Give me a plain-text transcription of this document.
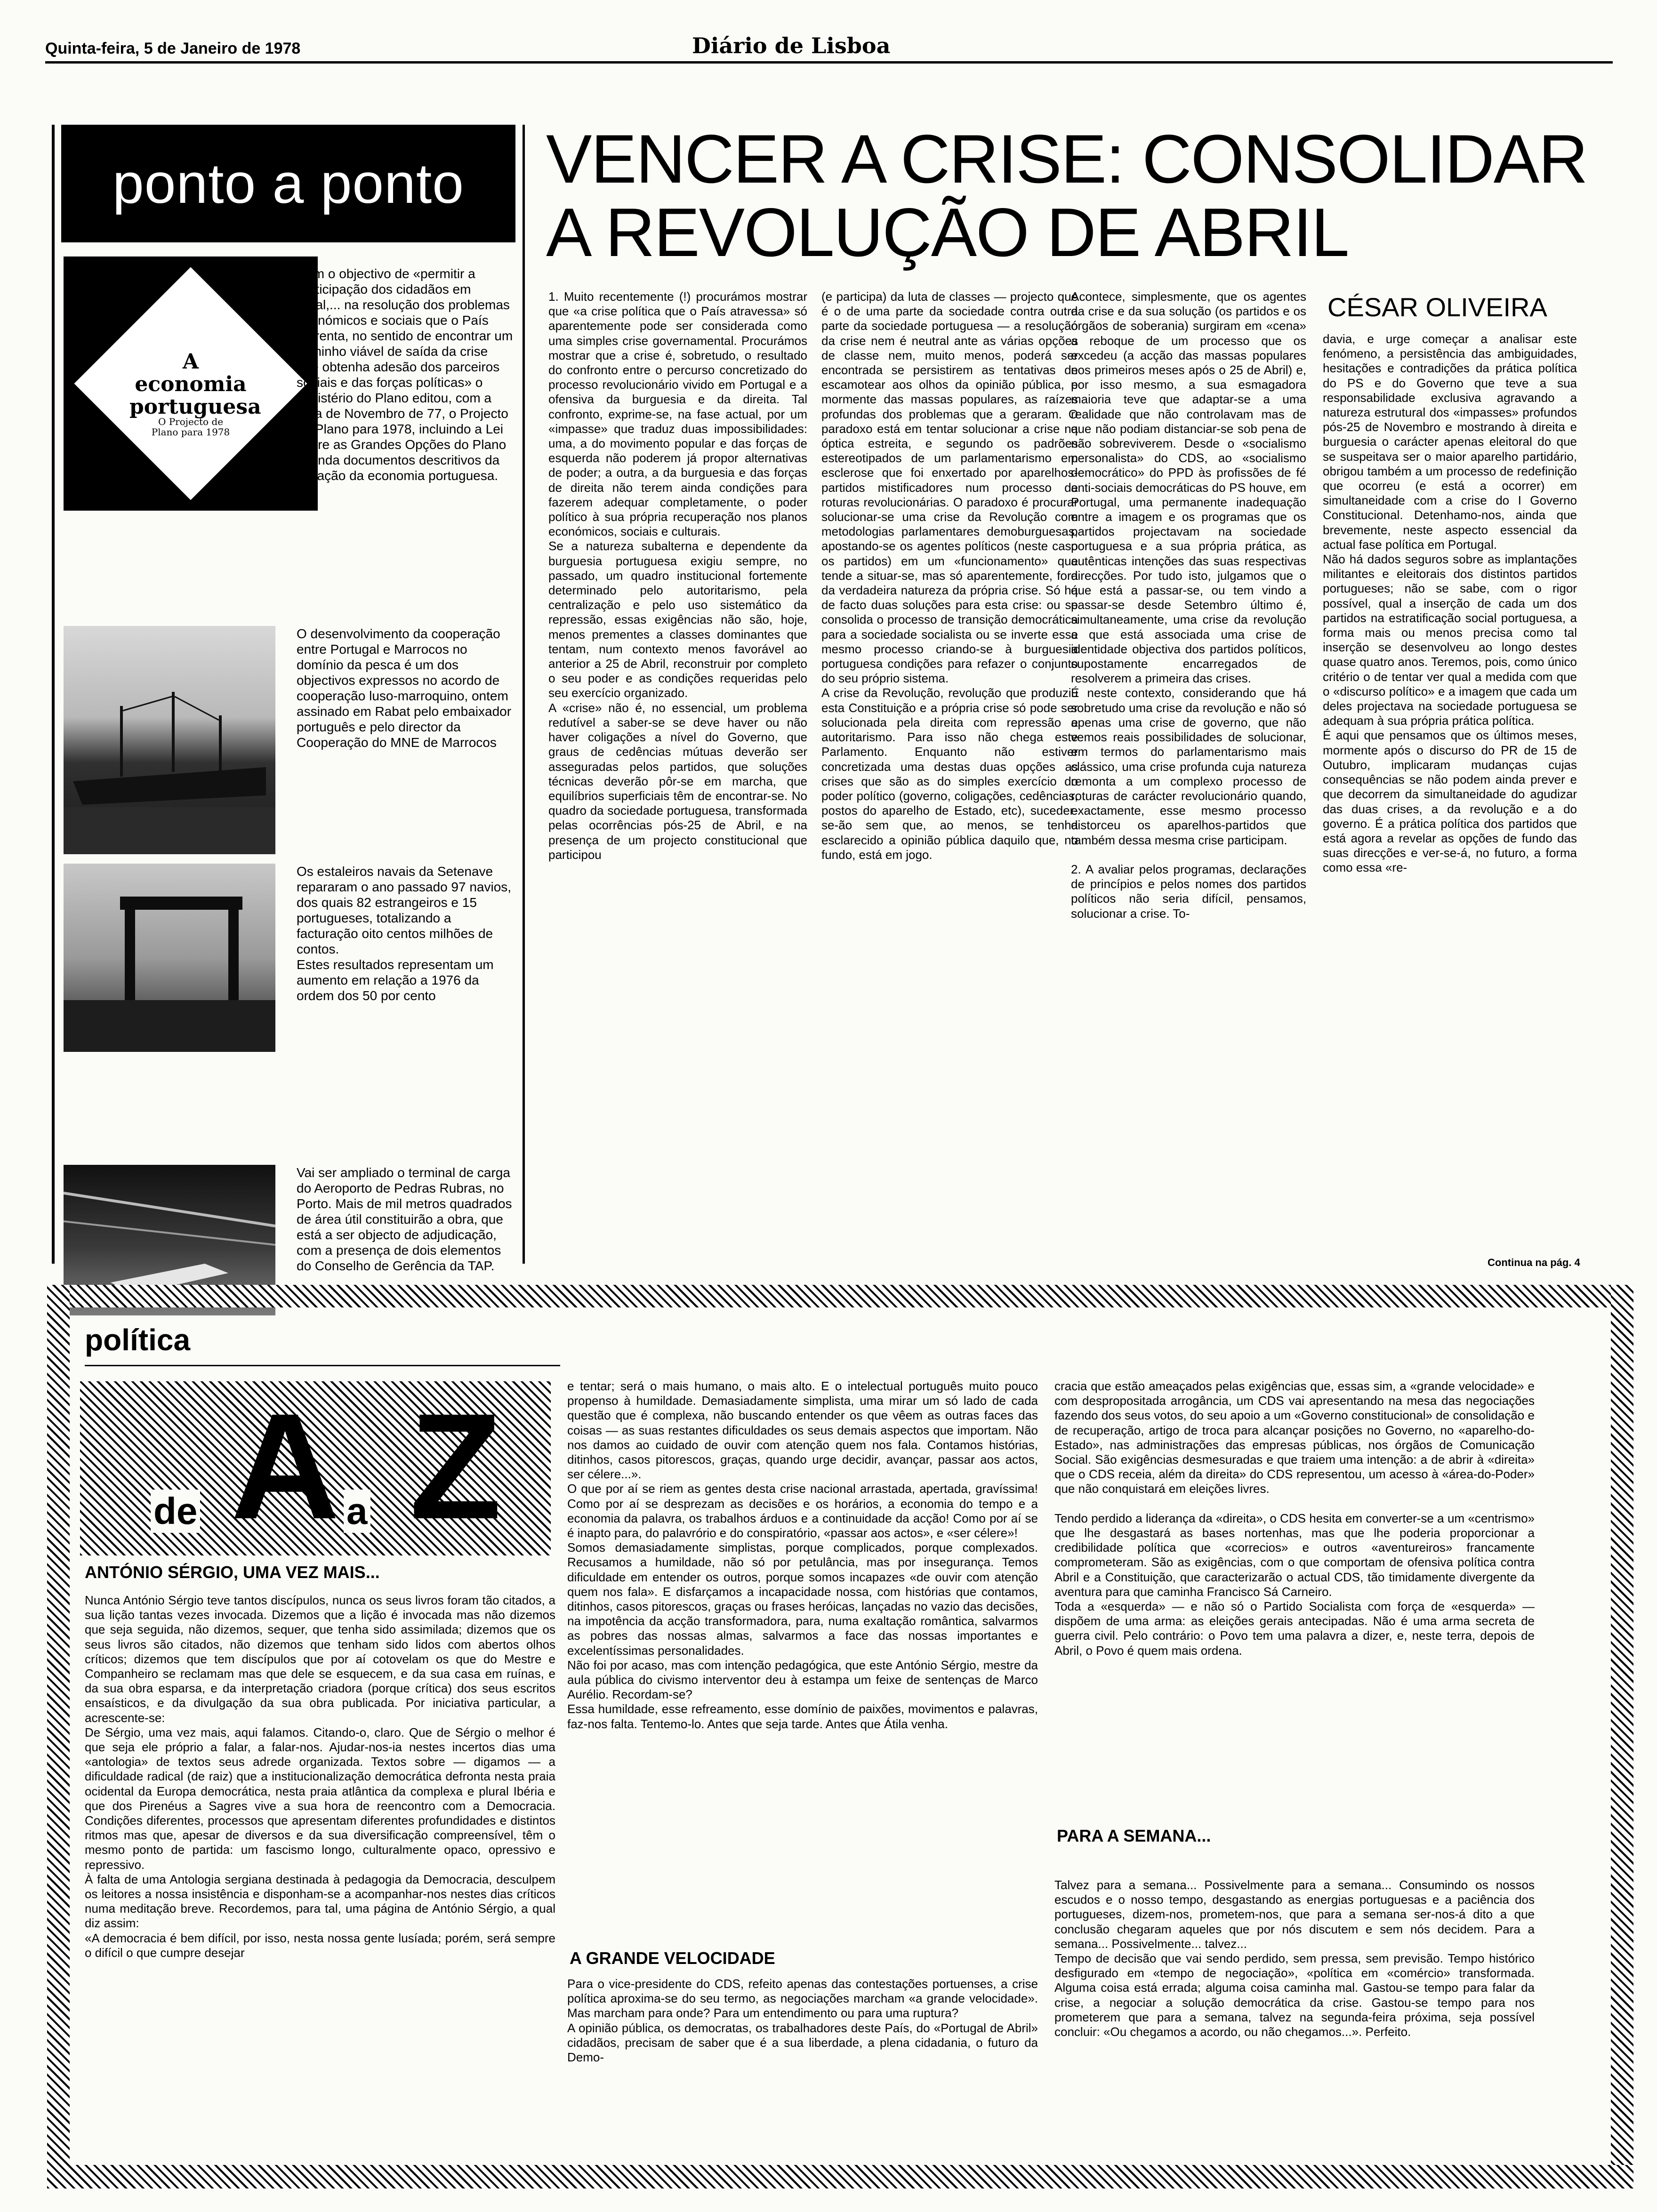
Quinta-feira, 5 de Janeiro de 1978	Diário de Lisboa
ponto a ponto
A economia portuguesa
O Projecto de Plano para 1978

Com o objectivo de «permitir a participação dos cidadãos em geral,... na resolução dos problemas económicos e sociais que o País enfrenta, no sentido de encontrar um caminho viável de saída da crise que obtenha adesão dos parceiros sociais e das forças políticas» o Ministério do Plano editou, com a data de Novembro de 77, o Projecto de Plano para 1978, incluindo a Lei sobre as Grandes Opções do Plano e ainda documentos descritivos da situação da economia portuguesa.

O desenvolvimento da cooperação entre Portugal e Marrocos no domínio da pesca é um dos objectivos expressos no acordo de cooperação luso-marroquino, ontem assinado em Rabat pelo embaixador português e pelo director da Cooperação do MNE de Marrocos

Os estaleiros navais da Setenave repararam o ano passado 97 navios, dos quais 82 estrangeiros e 15 portugueses, totalizando a facturação oito centos milhões de contos.
Estes resultados representam um aumento em relação a 1976 da ordem dos 50 por cento

Vai ser ampliado o terminal de carga do Aeroporto de Pedras Rubras, no Porto. Mais de mil metros quadrados de área útil constituirão a obra, que está a ser objecto de adjudicação, com a presença de dois elementos do Conselho de Gerência da TAP.

VENCER A CRISE: CONSOLIDAR A REVOLUÇÃO DE ABRIL
CÉSAR OLIVEIRA

1. Muito recentemente (!) procurámos mostrar que «a crise política que o País atravessa» só aparentemente pode ser considerada como uma simples crise governamental. Procurámos mostrar que a crise é, sobretudo, o resultado do confronto entre o percurso concretizado do processo revolucionário vivido em Portugal e a ofensiva da burguesia e da direita. Tal confronto, exprime-se, na fase actual, por um «impasse» que traduz duas impossibilidades: uma, a do movimento popular e das forças de esquerda não poderem já propor alternativas de poder; a outra, a da burguesia e das forças de direita não terem ainda condições para fazerem adequar completamente, o poder político à sua própria recuperação nos planos económicos, sociais e culturais.
Se a natureza subalterna e dependente da burguesia portuguesa exigiu sempre, no passado, um quadro institucional fortemente determinado pelo autoritarismo, pela centralização e pelo uso sistemático da repressão, essas exigências não são, hoje, menos prementes a classes dominantes que tentam, num contexto menos favorável ao anterior a 25 de Abril, reconstruir por completo o seu poder e as condições requeridas pelo seu exercício organizado.
A «crise» não é, no essencial, um problema redutível a saber-se se deve haver ou não haver coligações a nível do Governo, que graus de cedências mútuas deverão ser asseguradas pelos partidos, que soluções técnicas deverão pôr-se em marcha, que equilíbrios superficiais têm de encontrar-se. No quadro da sociedade portuguesa, transformada pelas ocorrências pós-25 de Abril, e na presença de um projecto constitucional que participou

(e participa) da luta de classes — projecto que é o de uma parte da sociedade contra outra parte da sociedade portuguesa — a resolução da crise nem é neutral ante as várias opções de classe nem, muito menos, poderá ser encontrada se persistirem as tentativas de escamotear aos olhos da opinião pública, e mormente das massas populares, as raízes profundas dos problemas que a geraram. O paradoxo está em tentar solucionar a crise na óptica estreita, e segundo os padrões estereotipados de um parlamentarismo em esclerose que foi enxertado por aparelhos-partidos mistificadores num processo de roturas revolucionárias. O paradoxo é procurar solucionar-se uma crise da Revolução com metodologias parlamentares demoburguesas, apostando-se os agentes políticos (neste caso os partidos) em um «funcionamento» que tende a situar-se, mas só aparentemente, fora da verdadeira natureza da própria crise. Só há de facto duas soluções para esta crise: ou se consolida o processo de transição democrática para a sociedade socialista ou se inverte esse mesmo processo criando-se à burguesia portuguesa condições para refazer o conjunto do seu próprio sistema.
A crise da Revolução, revolução que produziu esta Constituição e a própria crise só pode ser solucionada pela direita com repressão e autoritarismo. Para isso não chega este Parlamento. Enquanto não estiver concretizada uma destas duas opções as crises que são as do simples exercício do poder político (governo, coligações, cedências, postos do aparelho de Estado, etc), suceder-se-ão sem que, ao menos, se tenha esclarecido a opinião pública daquilo que, no fundo, está em jogo.

Acontece, simplesmente, que os agentes da crise e da sua solução (os partidos e os órgãos de soberania) surgiram em «cena» a reboque de um processo que os excedeu (a acção das massas populares nos primeiros meses após o 25 de Abril) e, por isso mesmo, a sua esmagadora maioria teve que adaptar-se a uma realidade que não controlavam mas de que não podiam distanciar-se sob pena de não sobreviverem. Desde o «socialismo personalista» do CDS, ao «socialismo democrático» do PPD às profissões de fé anti-sociais democráticas do PS houve, em Portugal, uma permanente inadequação entre a imagem e os programas que os partidos projectavam na sociedade portuguesa e a sua própria prática, as autênticas intenções das suas respectivas direcções. Por tudo isto, julgamos que o que está a passar-se, ou tem vindo a passar-se desde Setembro último é, simultaneamente, uma crise da revolução a que está associada uma crise de identidade objectiva dos partidos políticos, supostamente encarregados de resolverem a primeira das crises.
É neste contexto, considerando que há sobretudo uma crise da revolução e não só apenas uma crise de governo, que não vemos reais possibilidades de solucionar, em termos do parlamentarismo mais clássico, uma crise profunda cuja natureza remonta a um complexo processo de roturas de carácter revolucionário quando, exactamente, esse mesmo processo distorceu os aparelhos-partidos que também dessa mesma crise participam.

2. A avaliar pelos programas, declarações de princípios e pelos nomes dos partidos políticos não seria difícil, pensamos, solucionar a crise. To-

davia, e urge começar a analisar este fenómeno, a persistência das ambiguidades, hesitações e contradições da prática política do PS e do Governo que teve a sua responsabilidade exclusiva agravando a natureza estrutural dos «impasses» profundos pós-25 de Novembro e mostrando à direita e burguesia o carácter apenas eleitoral do que se suspeitava ser o maior aparelho partidário, obrigou também a um processo de redefinição que ocorreu (e está a ocorrer) em simultaneidade com a crise do I Governo Constitucional. Detenhamo-nos, ainda que brevemente, neste aspecto essencial da actual fase política em Portugal.
Não há dados seguros sobre as implantações militantes e eleitorais dos distintos partidos portugueses; não se sabe, com o rigor possível, qual a inserção de cada um dos partidos na estratificação social portuguesa, a forma mais ou menos precisa como tal inserção se desenvolveu ao longo destes quase quatro anos. Teremos, pois, como único critério o de tentar ver qual a medida com que o «discurso político» e a imagem que cada um deles projectava na sociedade portuguesa se adequam à sua própria prática política.
É aqui que pensamos que os últimos meses, mormente após o discurso do PR de 15 de Outubro, implicaram mudanças cujas consequências se não podem ainda prever e que decorrem da simultaneidade do agudizar das duas crises, a da revolução e a do governo. É a prática política dos partidos que está agora a revelar as opções de fundo das suas direcções e ver-se-á, no futuro, a forma como essa «re-

Continua na pág. 4
política
de A a Z
ANTÓNIO SÉRGIO, UMA VEZ MAIS...

Nunca António Sérgio teve tantos discípulos, nunca os seus livros foram tão citados, a sua lição tantas vezes invocada. Dizemos que a lição é invocada mas não dizemos que seja seguida, não dizemos, sequer, que tenha sido assimilada; dizemos que os seus livros são citados, não dizemos que tenham sido lidos com abertos olhos críticos; dizemos que tem discípulos que por aí cotovelam os que do Mestre e Companheiro se reclamam mas que dele se esquecem, e da sua casa em ruínas, e da sua obra esparsa, e da interpretação criadora (porque crítica) dos seus escritos ensaísticos, e da divulgação da sua obra publicada. Por iniciativa particular, a acrescente-se:
De Sérgio, uma vez mais, aqui falamos. Citando-o, claro. Que de Sérgio o melhor é que seja ele próprio a falar, a falar-nos. Ajudar-nos-ia nestes incertos dias uma «antologia» de textos seus adrede organizada. Textos sobre — digamos — a dificuldade radical (de raiz) que a institucionalização democrática defronta nesta praia ocidental da Europa democrática, nesta praia atlântica da complexa e plural Ibéria e que dos Pirenéus a Sagres vive a sua hora de reencontro com a Democracia. Condições diferentes, processos que apresentam diferentes profundidades e distintos ritmos mas que, apesar de diversos e da sua diversificação compreensível, têm o mesmo ponto de partida: um fascismo longo, culturalmente opaco, opressivo e repressivo.
À falta de uma Antologia sergiana destinada à pedagogia da Democracia, desculpem os leitores a nossa insistência e disponham-se a acompanhar-nos nestes dias críticos numa meditação breve. Recordemos, para tal, uma página de António Sérgio, a qual diz assim:
«A democracia é bem difícil, por isso, nesta nossa gente lusíada; porém, será sempre o difícil o que cumpre desejar

e tentar; será o mais humano, o mais alto. E o intelectual português muito pouco propenso à humildade. Demasiadamente simplista, uma mirar um só lado de cada questão que é complexa, não buscando entender os que vêem as outras faces das coisas — as suas restantes dificuldades os seus demais aspectos que importam. Não nos damos ao cuidado de ouvir com atenção quem nos fala. Contamos histórias, ditinhos, casos pitorescos, graças, quando urge decidir, avançar, passar aos actos, ser célere...».
O que por aí se riem as gentes desta crise nacional arrastada, apertada, gravíssima! Como por aí se desprezam as decisões e os horários, a economia do tempo e a economia da palavra, os trabalhos árduos e a continuidade da acção! Como por aí se é inapto para, do palavrório e do conspiratório, «passar aos actos», e «ser célere»!
Somos demasiadamente simplistas, porque complicados, porque complexados. Recusamos a humildade, não só por petulância, mas por insegurança. Temos dificuldade em entender os outros, porque somos incapazes «de ouvir com atenção quem nos fala». E disfarçamos a incapacidade nossa, com histórias que contamos, ditinhos, casos pitorescos, graças ou frases heróicas, lançadas no vazio das decisões, na impotência da acção transformadora, para, numa exaltação romântica, salvarmos as pobres das nossas almas, salvarmos a face das nossas importantes e excelentíssimas personalidades.
Não foi por acaso, mas com intenção pedagógica, que este António Sérgio, mestre da aula pública do civismo interventor deu à estampa um feixe de sentenças de Marco Aurélio. Recordam-se?
Essa humildade, esse refreamento, esse domínio de paixões, movimentos e palavras, faz-nos falta. Tentemo-lo. Antes que seja tarde. Antes que Átila venha.

A GRANDE VELOCIDADE

Para o vice-presidente do CDS, refeito apenas das contestações portuenses, a crise política aproxima-se do seu termo, as negociações marcham «a grande velocidade». Mas marcham para onde? Para um entendimento ou para uma ruptura?
A opinião pública, os democratas, os trabalhadores deste País, do «Portugal de Abril» cidadãos, precisam de saber que é a sua liberdade, a plena cidadania, o futuro da Demo-

cracia que estão ameaçados pelas exigências que, essas sim, a «grande velocidade» e com despropositada arrogância, um CDS vai apresentando na mesa das negociações fazendo dos seus votos, do seu apoio a um «Governo constitucional» de consolidação e de recuperação, artigo de troca para alcançar posições no Governo, no «aparelho-do-Estado», nas administrações das empresas públicas, nos órgãos de Comunicação Social. São exigências desmesuradas e que traiem uma intenção: a de abrir à «direita» que o CDS receia, além da direita» do CDS representou, um acesso à «área-do-Poder» que não conquistará em eleições livres.

Tendo perdido a liderança da «direita», o CDS hesita em converter-se a um «centrismo» que lhe desgastará as bases nortenhas, mas que lhe poderia proporcionar a credibilidade política que «correcios» e outros «aventureiros» francamente comprometeram. São as exigências, com o que comportam de ofensiva política contra Abril e a Constituição, que caracterizarão o actual CDS, tão timidamente divergente da aventura para que caminha Francisco Sá Carneiro.
Toda a «esquerda» — e não só o Partido Socialista com força de «esquerda» — dispõem de uma arma: as eleições gerais antecipadas. Não é uma arma secreta de guerra civil. Pelo contrário: o Povo tem uma palavra a dizer, e, neste terra, depois de Abril, o Povo é quem mais ordena.

PARA A SEMANA...

Talvez para a semana... Possivelmente para a semana... Consumindo os nossos escudos e o nosso tempo, desgastando as energias portuguesas e a paciência dos portugueses, dizem-nos, prometem-nos, que para a semana ser-nos-á dito a que conclusão chegaram aqueles que por nós discutem e sem nós decidem. Para a semana... Possivelmente... talvez...
Tempo de decisão que vai sendo perdido, sem pressa, sem previsão. Tempo histórico desfigurado em «tempo de negociação», «política em «comércio» transformada. Alguma coisa está errada; alguma coisa caminha mal. Gastou-se tempo para falar da crise, a negociar a solução democrática da crise. Gastou-se tempo para nos prometerem que para a semana, talvez na segunda-feira próxima, seja possível concluir: «Ou chegamos a acordo, ou não chegamos...». Perfeito.
